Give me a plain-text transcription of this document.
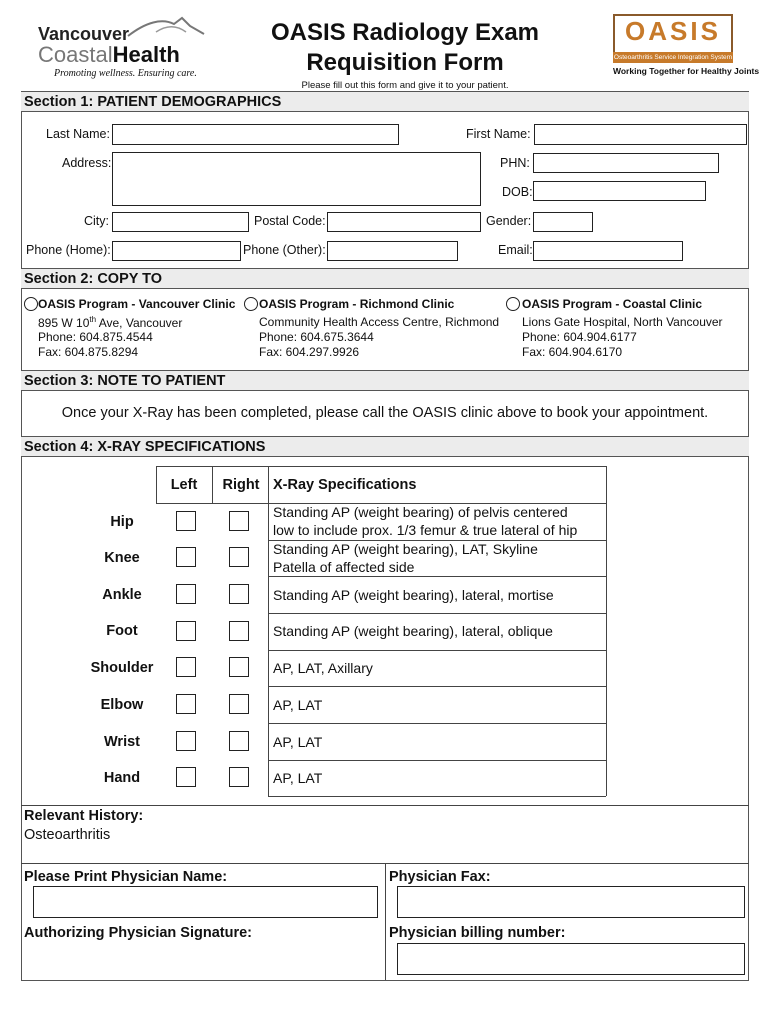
Vancouver
CoastalHealth
Promoting wellness. Ensuring care.
OASIS Radiology Exam
Requisition Form
Please fill out this form and give it to your patient.
OASIS
Osteoarthritis Service Integration System
Working Together for Healthy Joints
Section 1: PATIENT DEMOGRAPHICS
Last Name:	First Name:
Address:	PHN:
DOB:
City:	Postal Code:	Gender:
Phone (Home):	Phone (Other):	Email:
Section 2: COPY TO
OASIS Program - Vancouver Clinic
895 W 10th Ave, Vancouver
Phone: 604.875.4544
Fax: 604.875.8294
OASIS Program - Richmond Clinic
Community Health Access Centre, Richmond
Phone: 604.675.3644
Fax: 604.297.9926
OASIS Program - Coastal Clinic
Lions Gate Hospital, North Vancouver
Phone: 604.904.6177
Fax: 604.904.6170
Section 3: NOTE TO PATIENT
Once your X-Ray has been completed, please call the OASIS clinic above to book your appointment.
Section 4: X-RAY SPECIFICATIONS
Left	Right X-Ray Specifications
Hip
Standing AP (weight bearing) of pelvis centered
low to include prox. 1/3 femur & true lateral of hip
Knee
Standing AP (weight bearing), LAT, Skyline
Patella of affected side
Ankle	Standing AP (weight bearing), lateral, mortise
Foot	Standing AP (weight bearing), lateral, oblique
Shoulder	AP, LAT, Axillary
Elbow	AP, LAT
Wrist	AP, LAT
Hand	AP, LAT
Relevant History:
Osteoarthritis
Please Print Physician Name:	Physician Fax:
Authorizing Physician Signature:	Physician billing number:
